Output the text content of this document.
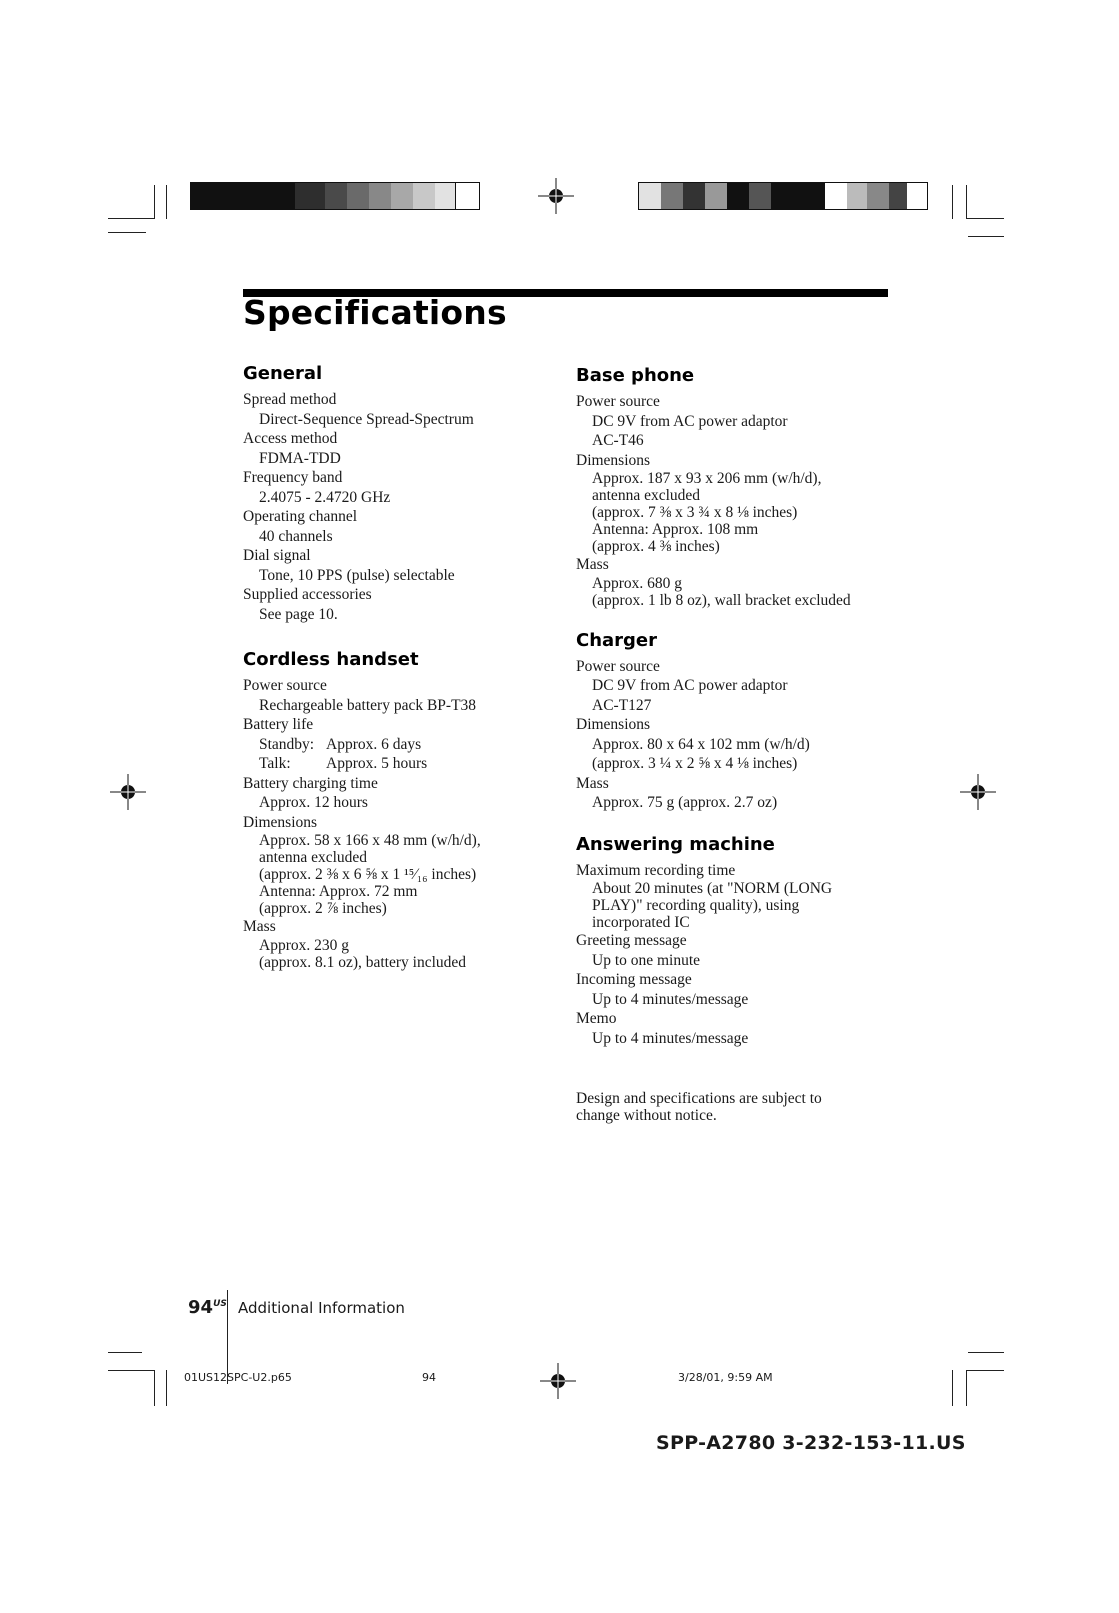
Specifications
General
Spread method
Direct-Sequence Spread-Spectrum
Access method
FDMA-TDD
Frequency band
2.4075 - 2.4720 GHz
Operating channel
40 channels
Dial signal
Tone, 10 PPS (pulse) selectable
Supplied accessories
See page 10.
Cordless handset
Power source
Rechargeable battery pack BP-T38
Battery life
Standby: Approx. 6 days
Talk:	Approx. 5 hours
Battery charging time
Approx. 12 hours
Dimensions
Approx. 58 x 166 x 48 mm (w/h/d),
antenna excluded
(approx. 2 ⅜ x 6 ⅝ x 1 ¹⁵⁄₁₆ inches)
Antenna: Approx. 72 mm
(approx. 2 ⅞ inches)
Mass
Approx. 230 g
(approx. 8.1 oz), battery included
Base phone
Power source
DC 9V from AC power adaptor
AC-T46
Dimensions
Approx. 187 x 93 x 206 mm (w/h/d),
antenna excluded
(approx. 7 ⅜ x 3 ¾ x 8 ⅛ inches)
Antenna: Approx. 108 mm
(approx. 4 ⅜ inches)
Mass
Approx. 680 g
(approx. 1 lb 8 oz), wall bracket excluded
Charger
Power source
DC 9V from AC power adaptor
AC-T127
Dimensions
Approx. 80 x 64 x 102 mm (w/h/d)
(approx. 3 ¼ x 2 ⅝ x 4 ⅛ inches)
Mass
Approx. 75 g (approx. 2.7 oz)
Answering machine
Maximum recording time
About 20 minutes (at "NORM (LONG
PLAY)" recording quality), using
incorporated IC
Greeting message
Up to one minute
Incoming message
Up to 4 minutes/message
Memo
Up to 4 minutes/message
Design and specifications are subject to
change without notice.
$94^{US}$ Additional Information
01US12SPC-U2.p65	94	3/28/01, 9:59 AM
SPP-A2780 3-232-153-11.US
